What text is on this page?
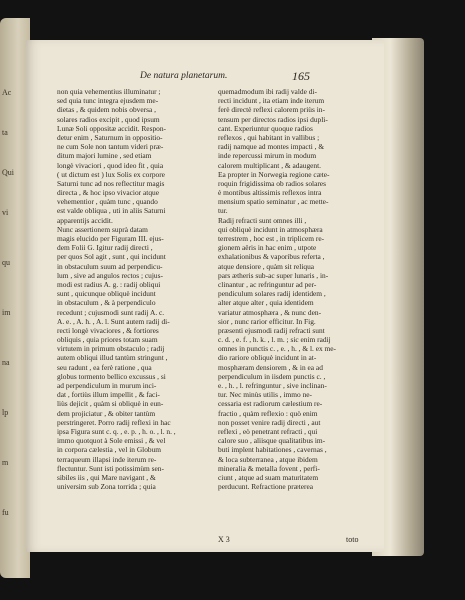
Ac
ta
Qui
vi
qu
im
na
lp
m
fu
De natura planetarum.	165
non quia vehementius illuminatur ;
sed quia tunc integra ejusdem me-
dietas , & quidem nobis obversa ,
solares radios excipit , quod ipsum
Lunæ Soli oppositæ accidit. Respon-
detur enim , Saturnum in oppositio-
ne cum Sole non tantum videri præ-
ditum majori lumine , sed etiam
longè vivaciori , quod ideo fit , quia
( ut dictum est ) lux Solis ex corpore
Saturni tunc ad nos reflectitur magis
directa , & hoc ipso vivacior atque
vehementior , quàm tunc , quando
est valde obliqua , uti in aliis Saturni
apparentijs accidit.
Nunc assertionem suprà datam
magis elucido per Figuram III. ejus-
dem Folii G. Igitur radij directi ,
per quos Sol agit , sunt , qui incidunt
in obstaculum suum ad perpendicu-
lum , sive ad angulos rectos ; cujus-
modi est radius A. g. : radij obliqui
sunt , quicunque obliquè incidunt
in obstaculum , & à perpendiculo
recedunt ; cujusmodi sunt radij A. c.
A. e. , A. h. , A. l. Sunt autem radij di-
recti longè vivaciores , & fortiores
obliquis , quia priores totam suam
virtutem in primum obstaculo ; radij
autem obliqui illud tantùm stringunt ,
seu radunt , ea ferè ratione , qua
globus tormento bellico excussus , si
ad perpendiculum in murum inci-
dat , fortiùs illum impellit , & faci-
liùs dejicit , quàm si obliquè in eun-
dem projiciatur , & obiter tantùm
perstringeret. Porro radij reflexi in hac
ipsa Figura sunt c. q. , e. p. , h. o. , l. n. ,
immo quotquot à Sole emissi , & vel
in corpora cælestia , vel in Globum
terraqueum illapsi inde iterum re-
flectuntur. Sunt isti potissimùm sen-
sibiles iis , qui Mare navigant , &
universim sub Zona torrida ; quia
quemadmodum ibi radij valde di-
recti incidunt , ita etiam inde iterum
ferè directè reflexi calorem priùs in-
tensum per directos radios ipsi dupli-
cant. Experiuntur quoque radios
reflexos , qui habitant in vallibus ;
radij namque ad montes impacti , &
inde repercussi mirum in modum
calorem multiplicant , & adaugent.
Ea propter in Norwegia regione cæte-
roquin frigidissima ob radios solares
è montibus altissimis reflexos intra
mensium spatio seminatur , ac mette-
tur.
Radij refracti sunt omnes illi ,
qui obliquè incidunt in atmosphæra
terrestrem , hoc est , in triplicem re-
gionem aëris in hac enim , utpote
exhalationibus & vaporibus referta ,
atque densiore , quàm sit reliqua
pars ætheris sub-ac super lunaris , in-
clinantur , ac refringuntur ad per-
pendiculum solares radij identidem ,
alter atque alter , quia identidem
variatur atmosphæra , & nunc den-
sior , nunc rarior efficitur. In Fig.
præsenti ejusmodi radij refracti sunt
c. d. , e. f. , h. k. , l. m. ; sic enim radij
omnes in punctis c. , e. , h. , & l. ex me-
dio rariore obliquè incidunt in at-
mosphæram densiorem , & in ea ad
perpendiculum in iisdem punctis c. ,
e. , h. , l. refringuntur , sive inclinan-
tur. Nec minùs utilis , immo ne-
cessaria est radiorum cælestium re-
fractio , quàm reflexio : quò enim
non posset venire radij directi , aut
reflexi , eò penetrant refracti , qui
calore suo , aliisque qualitatibus im-
buti implent habitationes , cavernas ,
& loca subterranea , atque ibidem
mineralia & metalla fovent , perfi-
ciunt , atque ad suam maturitatem
perducunt. Refractione præterea
X 3	toto
